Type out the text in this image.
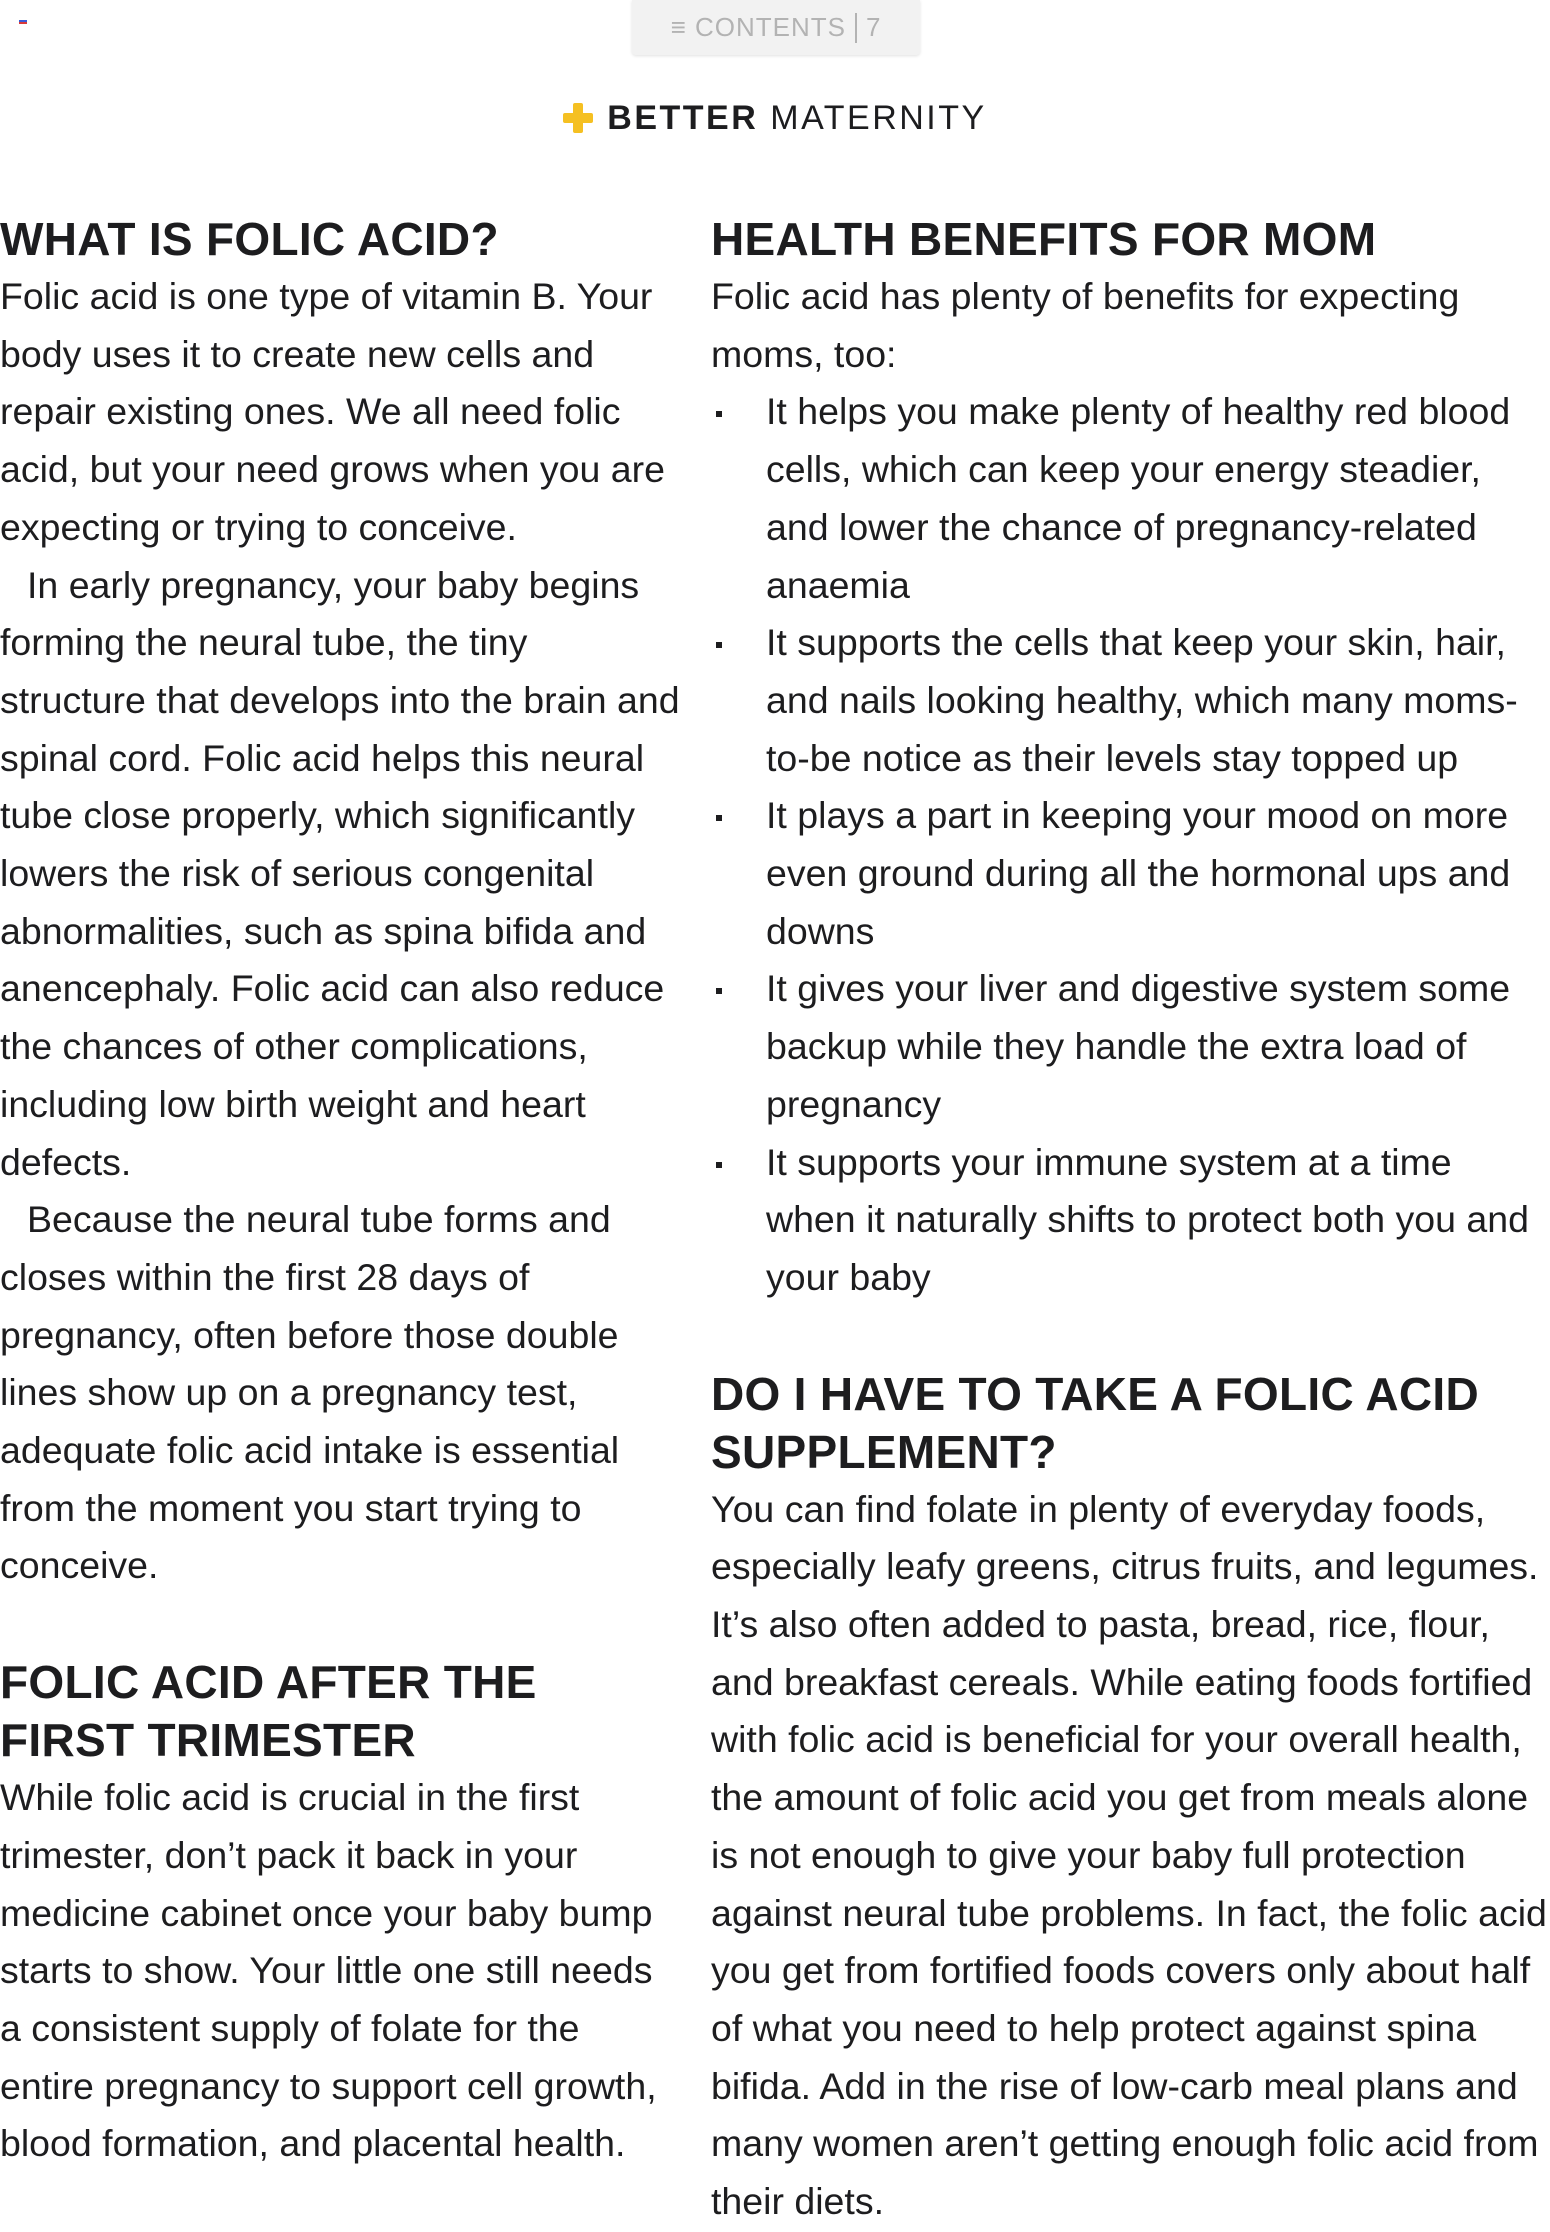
≡ CONTENTS 7
BETTER MATERNITY
WHAT IS FOLIC ACID?

Folic acid is one type of vitamin B. Your body uses it to create new cells and repair existing ones. We all need folic acid, but your need grows when you are expecting or trying to conceive.

In early pregnancy, your baby begins forming the neural tube, the tiny structure that develops into the brain and spinal cord. Folic acid helps this neural tube close properly, which significantly lowers the risk of serious congenital abnormalities, such as spina bifida and anencephaly. Folic acid can also reduce the chances of other complications, including low birth weight and heart defects.

Because the neural tube forms and closes within the first 28 days of pregnancy, often before those double lines show up on a pregnancy test, adequate folic acid intake is essential from the moment you start trying to conceive.

FOLIC ACID AFTER THE
FIRST TRIMESTER

While folic acid is crucial in the first trimester, don’t pack it back in your medicine cabinet once your baby bump starts to show. Your little one still needs a consistent supply of folate for the entire pregnancy to support cell growth, blood formation, and placental health.

HEALTH BENEFITS FOR MOM

Folic acid has plenty of benefits for expecting moms, too:

It helps you make plenty of healthy red blood cells, which can keep your energy steadier, and lower the chance of pregnancy-related anaemia
It supports the cells that keep your skin, hair, and nails looking healthy, which many moms-to-be notice as their levels stay topped up
It plays a part in keeping your mood on more even ground during all the hormonal ups and downs
It gives your liver and digestive system some backup while they handle the extra load of pregnancy
It supports your immune system at a time when it naturally shifts to protect both you and your baby
DO I HAVE TO TAKE A FOLIC ACID
SUPPLEMENT?

You can find folate in plenty of everyday foods, especially leafy greens, citrus fruits, and legumes. It’s also often added to pasta, bread, rice, flour, and breakfast cereals. While eating foods fortified with folic acid is beneficial for your overall health, the amount of folic acid you get from meals alone is not enough to give your baby full protection against neural tube problems. In fact, the folic acid you get from fortified foods covers only about half of what you need to help protect against spina bifida. Add in the rise of low-carb meal plans and many women aren’t getting enough folic acid from their diets.
